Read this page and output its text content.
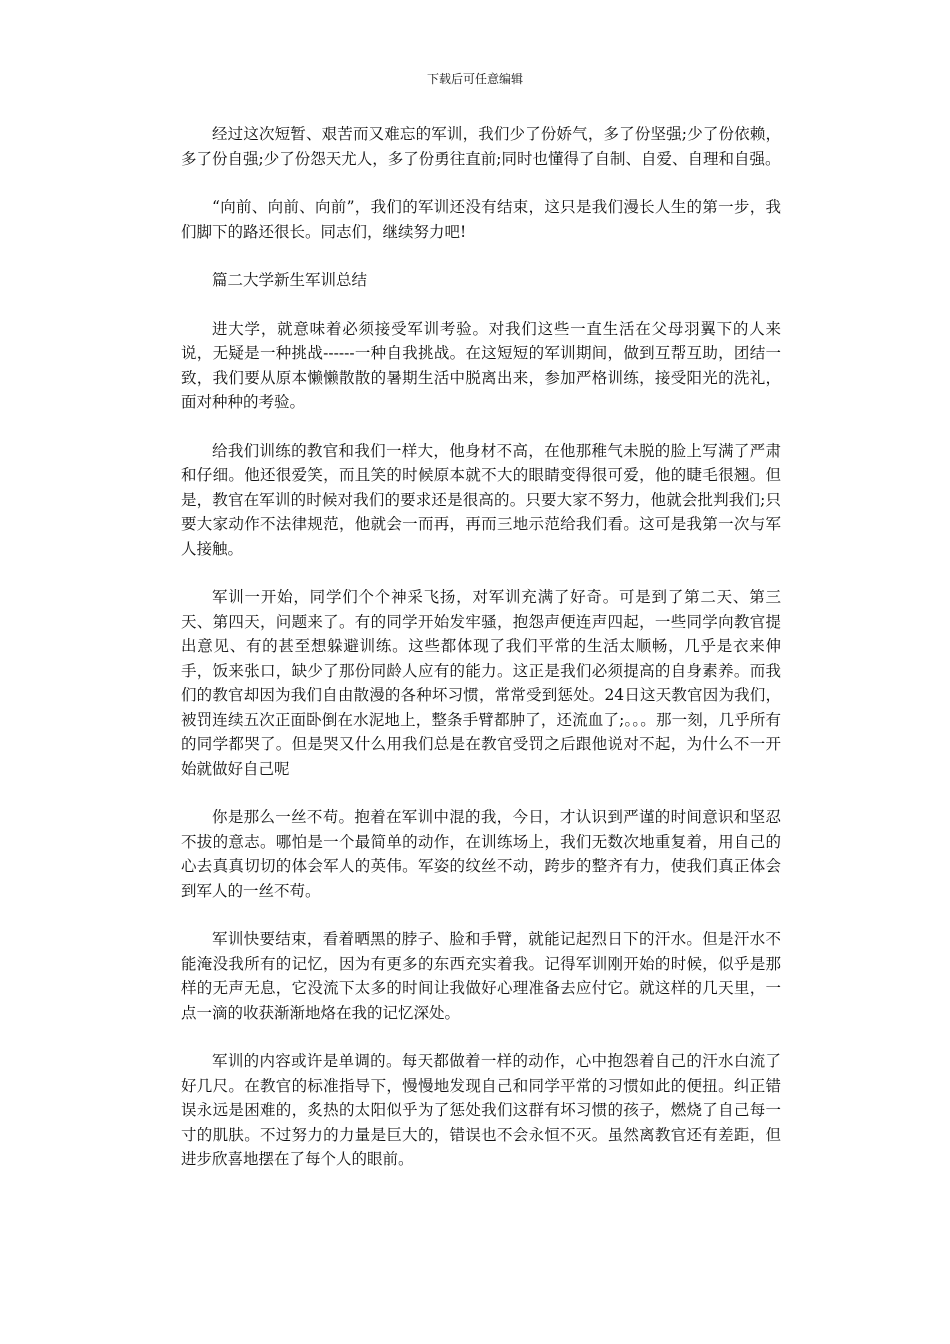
下载后可任意编辑

经过这次短暂、艰苦而又难忘的军训，我们少了份娇气，多了份坚强;少了份依赖，多了份自强;少了份怨天尤人，多了份勇往直前;同时也懂得了自制、自爱、自理和自强。

“向前、向前、向前”，我们的军训还没有结束，这只是我们漫长人生的第一步，我们脚下的路还很长。同志们，继续努力吧!

篇二大学新生军训总结

进大学，就意味着必须接受军训考验。对我们这些一直生活在父母羽翼下的人来说，无疑是一种挑战------一种自我挑战。在这短短的军训期间，做到互帮互助，团结一致，我们要从原本懒懒散散的暑期生活中脱离出来，参加严格训练，接受阳光的洗礼，面对种种的考验。

给我们训练的教官和我们一样大，他身材不高，在他那稚气未脱的脸上写满了严肃和仔细。他还很爱笑，而且笑的时候原本就不大的眼睛变得很可爱，他的睫毛很翘。但是，教官在军训的时候对我们的要求还是很高的。只要大家不努力，他就会批判我们;只要大家动作不法律规范，他就会一而再，再而三地示范给我们看。这可是我第一次与军人接触。

军训一开始，同学们个个神采飞扬，对军训充满了好奇。可是到了第二天、第三天、第四天，问题来了。有的同学开始发牢骚，抱怨声便连声四起，一些同学向教官提出意见、有的甚至想躲避训练。这些都体现了我们平常的生活太顺畅，几乎是衣来伸手，饭来张口，缺少了那份同龄人应有的能力。这正是我们必须提高的自身素养。而我们的教官却因为我们自由散漫的各种坏习惯，常常受到惩处。24日这天教官因为我们，被罚连续五次正面卧倒在水泥地上，整条手臂都肿了，还流血了;。。。那一刻，几乎所有的同学都哭了。但是哭又什么用我们总是在教官受罚之后跟他说对不起，为什么不一开始就做好自己呢

你是那么一丝不苟。抱着在军训中混的我，今日，才认识到严谨的时间意识和坚忍不拔的意志。哪怕是一个最简单的动作，在训练场上，我们无数次地重复着，用自己的心去真真切切的体会军人的英伟。军姿的纹丝不动，跨步的整齐有力，使我们真正体会到军人的一丝不苟。

军训快要结束，看着晒黑的脖子、脸和手臂，就能记起烈日下的汗水。但是汗水不能淹没我所有的记忆，因为有更多的东西充实着我。记得军训刚开始的时候，似乎是那样的无声无息，它没流下太多的时间让我做好心理准备去应付它。就这样的几天里，一点一滴的收获渐渐地烙在我的记忆深处。

军训的内容或许是单调的。每天都做着一样的动作，心中抱怨着自己的汗水白流了好几尺。在教官的标准指导下，慢慢地发现自己和同学平常的习惯如此的便扭。纠正错误永远是困难的，炙热的太阳似乎为了惩处我们这群有坏习惯的孩子，燃烧了自己每一寸的肌肤。不过努力的力量是巨大的，错误也不会永恒不灭。虽然离教官还有差距，但进步欣喜地摆在了每个人的眼前。
